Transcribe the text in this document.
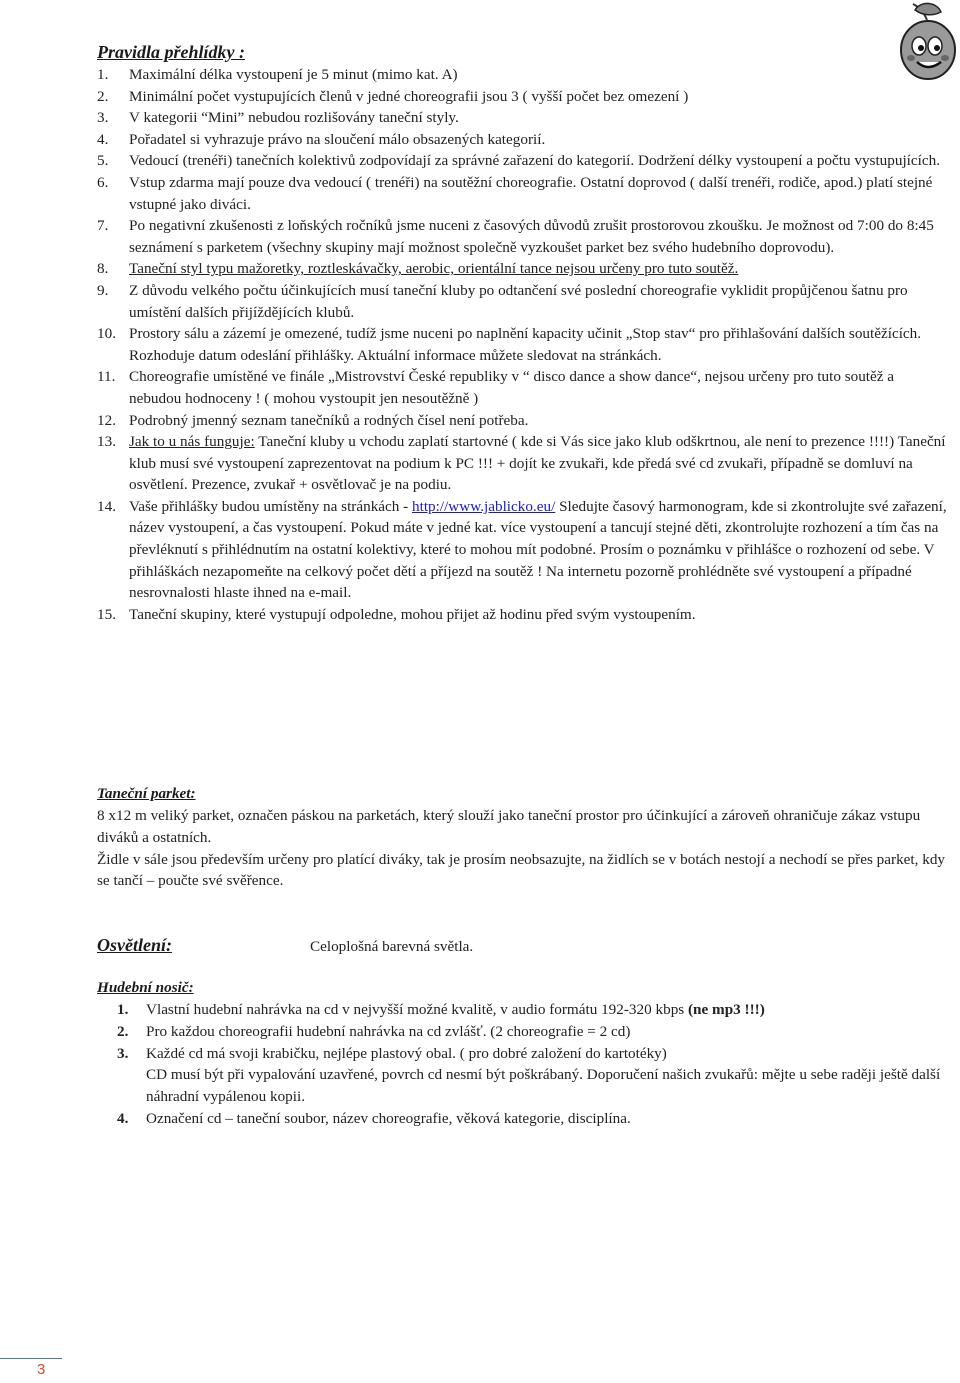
Pravidla přehlídky :
1. Maximální délka vystoupení je 5 minut (mimo kat. A)
2. Minimální počet vystupujících členů v jedné choreografii jsou 3 ( vyšší počet bez omezení )
3. V kategorii “Mini” nebudou rozlišovány taneční styly.
4. Pořadatel si vyhrazuje právo na sloučení málo obsazených kategorií.
5. Vedoucí (trenéři) tanečních kolektivů zodpovídají za správné zařazení do kategorií. Dodržení délky vystoupení a počtu vystupujících.
6. Vstup zdarma mají pouze dva vedoucí ( trenéři) na soutěžní choreografie. Ostatní doprovod ( další trenéři, rodiče, apod.) platí stejné vstupné jako diváci.
7. Po negativní zkušenosti z loňských ročníků jsme nuceni z časových důvodů zrušit prostorovou zkoušku. Je možnost od 7:00 do 8:45 seznámení s parketem (všechny skupiny mají možnost společně vyzkoušet parket bez svého hudebního doprovodu).
8. Taneční styl typu mažoretky, roztleskávačky, aerobic, orientální tance nejsou určeny pro tuto soutěž.
9. Z důvodu velkého počtu účinkujících musí taneční kluby po odtančení své poslední choreografie vyklidit propůjčenou šatnu pro umístění dalších přijíždějících klubů.
10. Prostory sálu a zázemí je omezené, tudíž jsme nuceni po naplnění kapacity učinit „Stop stav“ pro přihlašování dalších soutěžících. Rozhoduje datum odeslání přihlášky. Aktuální informace můžete sledovat na stránkách.
11. Choreografie umístěné ve finále „Mistrovství České republiky v “ disco dance a show dance“, nejsou určeny pro tuto soutěž a nebudou hodnoceny ! ( mohou vystoupit jen nesoutěžně )
12. Podrobný jmenný seznam tanečníků a rodných čísel není potřeba.
13. Jak to u nás funguje: Taneční kluby u vchodu zaplatí startovné ( kde si Vás sice jako klub odškrtnou, ale není to prezence !!!!) Taneční klub musí své vystoupení zaprezentovat na podium k PC !!! + dojít ke zvukaři, kde předá své cd zvukaři, případně se domluví na osvětlení. Prezence, zvukař + osvětlovač je na podiu.
14. Vaše přihlášky budou umístěny na stránkách - http://www.jablicko.eu/ Sledujte časový harmonogram, kde si zkontrolujte své zařazení, název vystoupení, a čas vystoupení. Pokud máte v jedné kat. více vystoupení a tancují stejné děti, zkontrolujte rozhození a tím čas na převléknutí s přihlédnutím na ostatní kolektivy, které to mohou mít podobné. Prosím o poznámku v přihlášce o rozhození od sebe. V přihláškách nezapomeňte na celkový počet dětí a příjezd na soutěž ! Na internetu pozorně prohlédněte své vystoupení a případné nesrovnalosti hlaste ihned na e-mail.
15. Taneční skupiny, které vystupují odpoledne, mohou přijet až hodinu před svým vystoupením.
Taneční parket:
8 x12 m veliký parket, označen páskou na parketách, který slouží jako taneční prostor pro účinkující a zároveň ohraničuje zákaz vstupu diváků a ostatních.
Židle v sále jsou především určeny pro platící diváky, tak je prosím neobsazujte, na židlích se v botách nestojí a nechodí se přes parket, kdy se tančí – poučte své svěřence.
Osvětlení:	Celoplošná barevná světla.
Hudební nosič:
1. Vlastní hudební nahrávka na cd v nejvyšší možné kvalitě, v audio formátu 192-320 kbps (ne mp3 !!!)
2. Pro každou choreografii hudební nahrávka na cd zvlášť. (2 choreografie = 2 cd)
3. Každé cd má svoji krabičku, nejlépe plastový obal. ( pro dobré založení do kartotéky)
CD musí být při vypalování uzavřené, povrch cd nesmí být poškrábaný. Doporučení našich zvukařů: mějte u sebe raději ještě další náhradní vypálenou kopii.
4. Označení cd – taneční soubor, název choreografie, věková kategorie, disciplína.
3
